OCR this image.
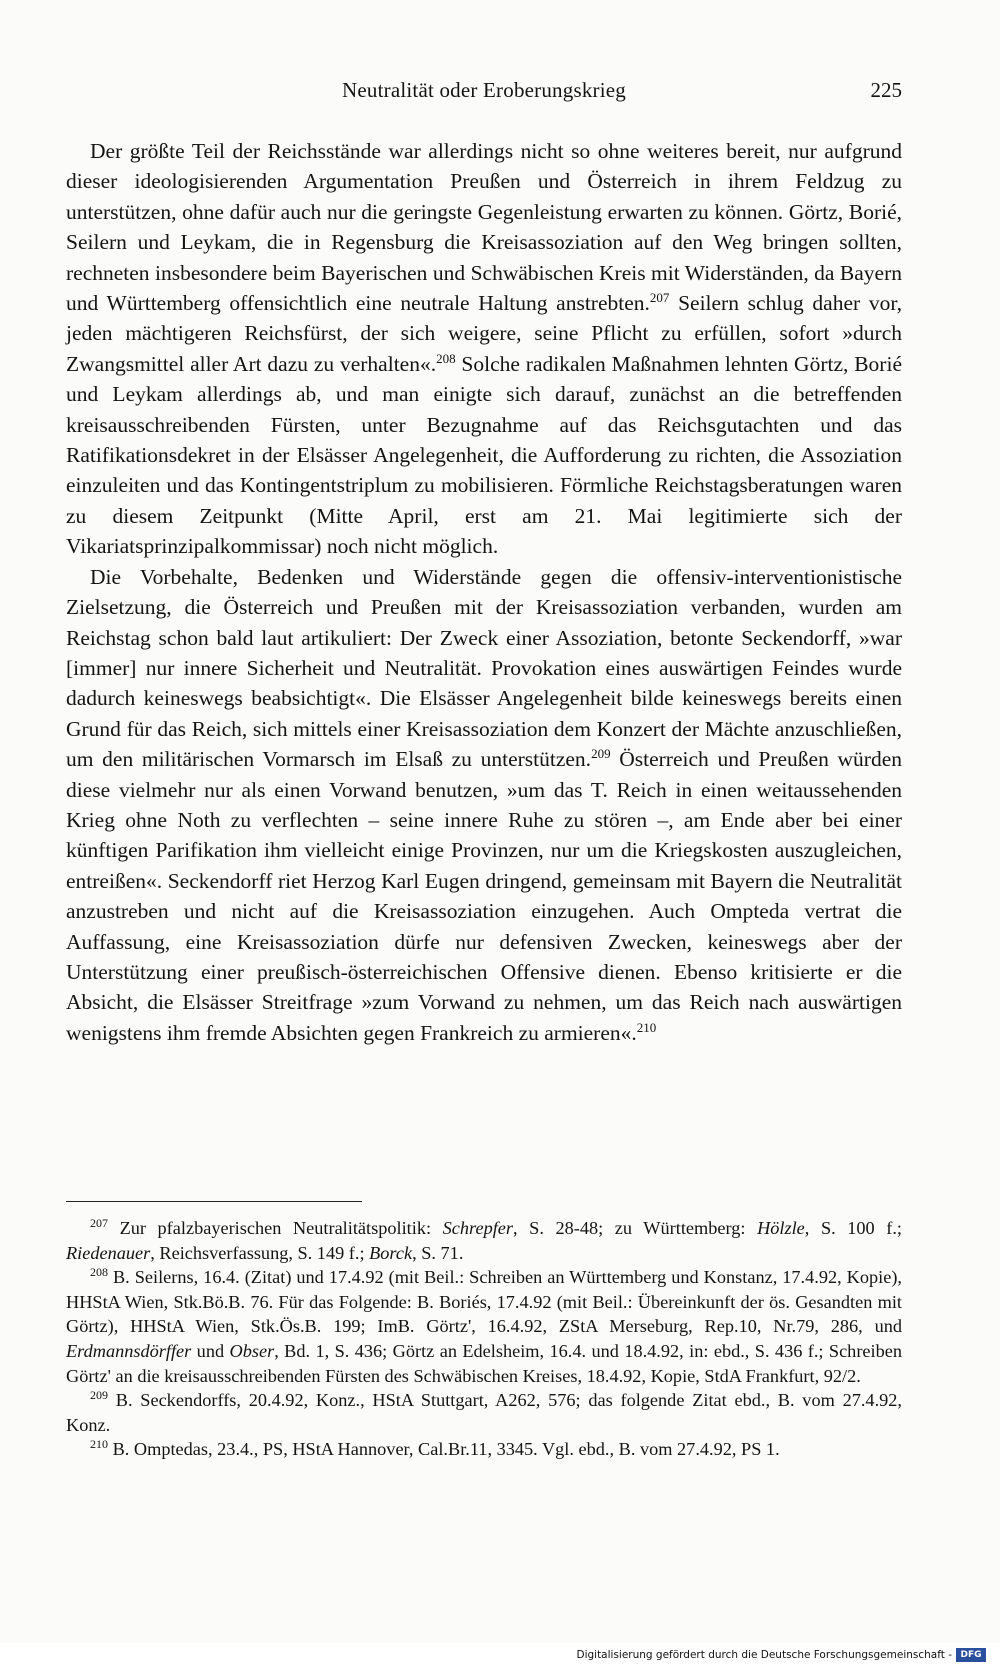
Neutralität oder Eroberungskrieg	225

Der größte Teil der Reichsstände war allerdings nicht so ohne weiteres bereit, nur aufgrund dieser ideologisierenden Argumentation Preußen und Österreich in ihrem Feldzug zu unterstützen, ohne dafür auch nur die geringste Gegenleistung erwarten zu können. Görtz, Borié, Seilern und Leykam, die in Regensburg die Kreisassoziation auf den Weg bringen sollten, rechneten insbesondere beim Bayerischen und Schwäbischen Kreis mit Widerständen, da Bayern und Württemberg offensichtlich eine neutrale Haltung anstrebten.$^{207}$ Seilern schlug daher vor, jeden mächtigeren Reichsfürst, der sich weigere, seine Pflicht zu erfüllen, sofort »durch Zwangsmittel aller Art dazu zu verhalten«.$^{208}$ Solche radikalen Maßnahmen lehnten Görtz, Borié und Leykam allerdings ab, und man einigte sich darauf, zunächst an die betreffenden kreisausschreibenden Fürsten, unter Bezugnahme auf das Reichsgutachten und das Ratifikationsdekret in der Elsässer Angelegenheit, die Aufforderung zu richten, die Assoziation einzuleiten und das Kontingentstriplum zu mobilisieren. Förmliche Reichstagsberatungen waren zu diesem Zeitpunkt (Mitte April, erst am 21. Mai legitimierte sich der Vikariatsprinzipalkommissar) noch nicht möglich.

Die Vorbehalte, Bedenken und Widerstände gegen die offensiv-interventionistische Zielsetzung, die Österreich und Preußen mit der Kreisassoziation verbanden, wurden am Reichstag schon bald laut artikuliert: Der Zweck einer Assoziation, betonte Seckendorff, »war [immer] nur innere Sicherheit und Neutralität. Provokation eines auswärtigen Feindes wurde dadurch keineswegs beabsichtigt«. Die Elsässer Angelegenheit bilde keineswegs bereits einen Grund für das Reich, sich mittels einer Kreisassoziation dem Konzert der Mächte anzuschließen, um den militärischen Vormarsch im Elsaß zu unterstützen.$^{209}$ Österreich und Preußen würden diese vielmehr nur als einen Vorwand benutzen, »um das T. Reich in einen weitaussehenden Krieg ohne Noth zu verflechten – seine innere Ruhe zu stören –, am Ende aber bei einer künftigen Parifikation ihm vielleicht einige Provinzen, nur um die Kriegskosten auszugleichen, entreißen«. Seckendorff riet Herzog Karl Eugen dringend, gemeinsam mit Bayern die Neutralität anzustreben und nicht auf die Kreisassoziation einzugehen. Auch Ompteda vertrat die Auffassung, eine Kreisassoziation dürfe nur defensiven Zwecken, keineswegs aber der Unterstützung einer preußisch-österreichischen Offensive dienen. Ebenso kritisierte er die Absicht, die Elsässer Streitfrage »zum Vorwand zu nehmen, um das Reich nach auswärtigen wenigstens ihm fremde Absichten gegen Frankreich zu armieren«.$^{210}$

$^{207}$ Zur pfalzbayerischen Neutralitätspolitik: Schrepfer, S. 28-48; zu Württemberg: Hölzle, S. 100 f.; Riedenauer, Reichsverfassung, S. 149 f.; Borck, S. 71.

$^{208}$ B. Seilerns, 16.4. (Zitat) und 17.4.92 (mit Beil.: Schreiben an Württemberg und Konstanz, 17.4.92, Kopie), HHStA Wien, Stk.Bö.B. 76. Für das Folgende: B. Boriés, 17.4.92 (mit Beil.: Übereinkunft der ös. Gesandten mit Görtz), HHStA Wien, Stk.Ös.B. 199; ImB. Görtz', 16.4.92, ZStA Merseburg, Rep.10, Nr.79, 286, und Erdmannsdörffer und Obser, Bd. 1, S. 436; Görtz an Edelsheim, 16.4. und 18.4.92, in: ebd., S. 436 f.; Schreiben Görtz' an die kreisausschreibenden Fürsten des Schwäbischen Kreises, 18.4.92, Kopie, StdA Frankfurt, 92/2.

$^{209}$ B. Seckendorffs, 20.4.92, Konz., HStA Stuttgart, A262, 576; das folgende Zitat ebd., B. vom 27.4.92, Konz.

$^{210}$ B. Omptedas, 23.4., PS, HStA Hannover, Cal.Br.11, 3345. Vgl. ebd., B. vom 27.4.92, PS 1.

Digitalisierung gefördert durch die Deutsche Forschungsgemeinschaft - DFG
